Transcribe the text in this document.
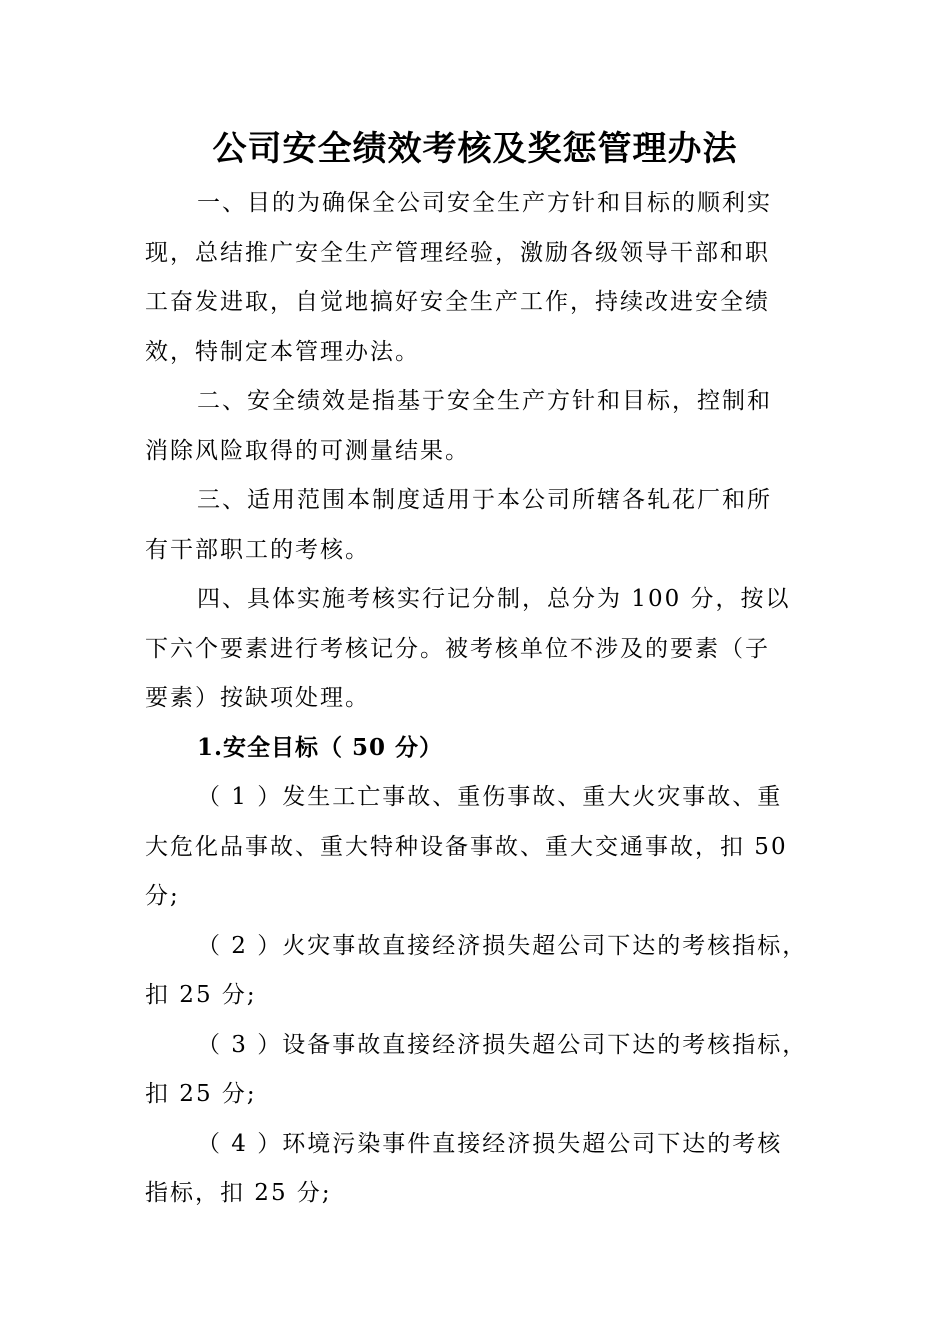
公司安全绩效考核及奖惩管理办法
一、目的为确保全公司安全生产方针和目标的顺利实
现，总结推广安全生产管理经验，激励各级领导干部和职
工奋发进取，自觉地搞好安全生产工作，持续改进安全绩
效，特制定本管理办法。
二、安全绩效是指基于安全生产方针和目标，控制和
消除风险取得的可测量结果。
三、适用范围本制度适用于本公司所辖各轧花厂和所
有干部职工的考核。
四、具体实施考核实行记分制，总分为 100 分，按以
下六个要素进行考核记分。被考核单位不涉及的要素（子
要素）按缺项处理。
1.安全目标（ 50 分）
（ 1 ）发生工亡事故、重伤事故、重大火灾事故、重
大危化品事故、重大特种设备事故、重大交通事故，扣 50
分;
（ 2 ）火灾事故直接经济损失超公司下达的考核指标，
扣 25 分;
（ 3 ）设备事故直接经济损失超公司下达的考核指标，
扣 25 分;
（ 4 ）环境污染事件直接经济损失超公司下达的考核
指标，扣 25 分;
